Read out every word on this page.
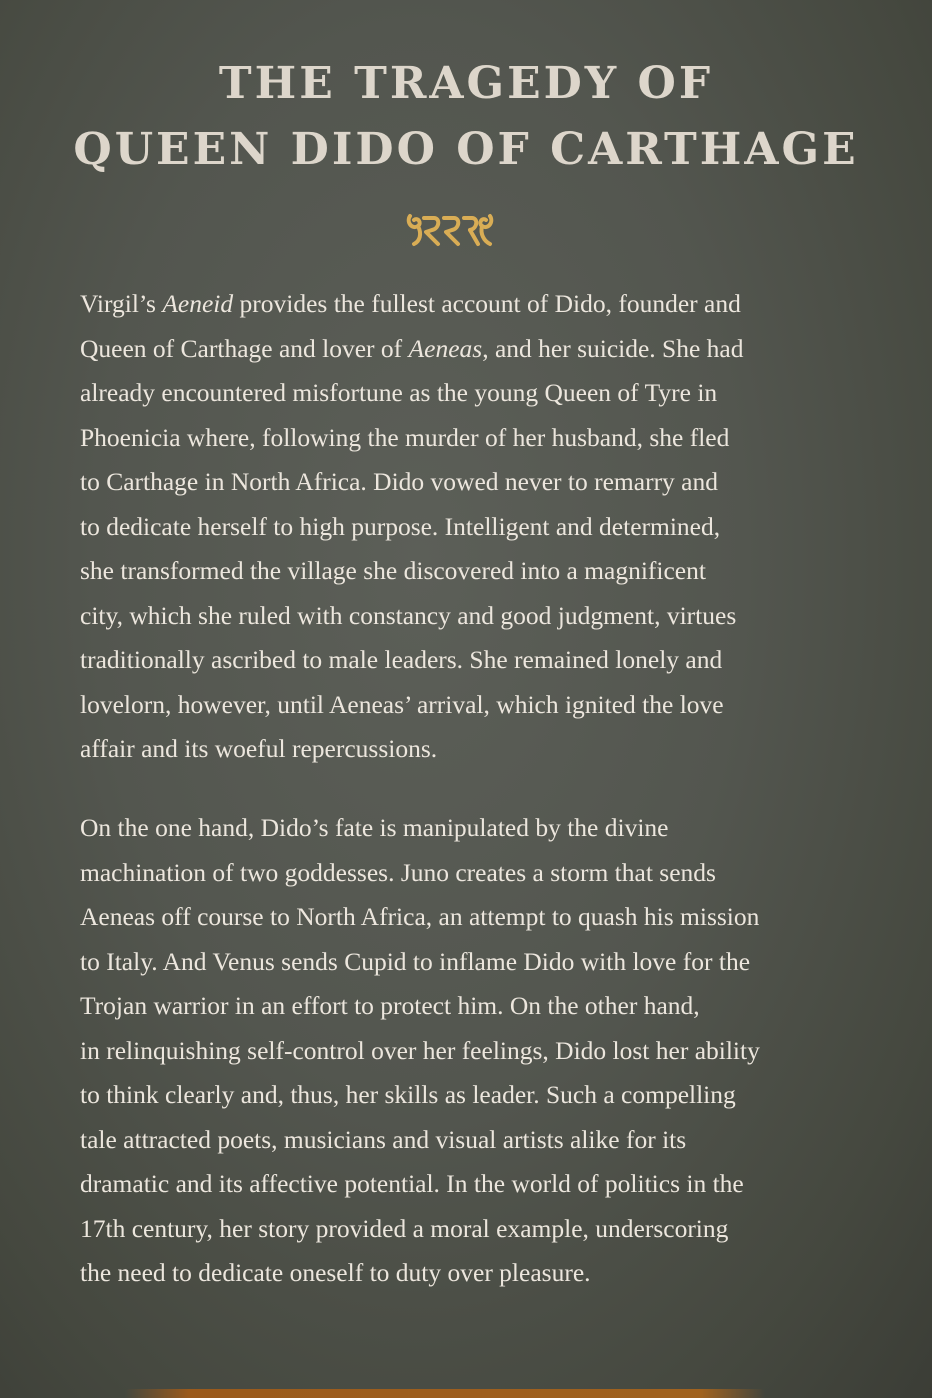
THE TRAGEDY OF
QUEEN DIDO OF CARTHAGE
Virgil’s Aeneid provides the fullest account of Dido, founder and
Queen of Carthage and lover of Aeneas, and her suicide. She had
already encountered misfortune as the young Queen of Tyre in
Phoenicia where, following the murder of her husband, she fled
to Carthage in North Africa. Dido vowed never to remarry and
to dedicate herself to high purpose. Intelligent and determined,
she transformed the village she discovered into a magnificent
city, which she ruled with constancy and good judgment, virtues
traditionally ascribed to male leaders. She remained lonely and
lovelorn, however, until Aeneas’ arrival, which ignited the love
affair and its woeful repercussions.
On the one hand, Dido’s fate is manipulated by the divine
machination of two goddesses. Juno creates a storm that sends
Aeneas off course to North Africa, an attempt to quash his mission
to Italy. And Venus sends Cupid to inflame Dido with love for the
Trojan warrior in an effort to protect him. On the other hand,
in relinquishing self-control over her feelings, Dido lost her ability
to think clearly and, thus, her skills as leader. Such a compelling
tale attracted poets, musicians and visual artists alike for its
dramatic and its affective potential. In the world of politics in the
17th century, her story provided a moral example, underscoring
the need to dedicate oneself to duty over pleasure.
